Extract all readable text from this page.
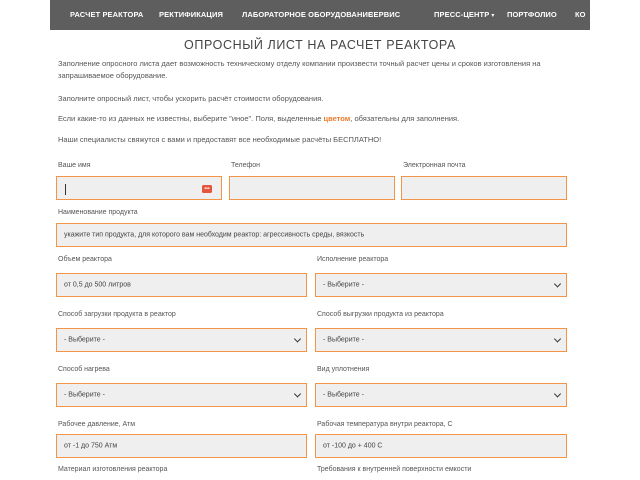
РАСЧЕТ РЕАКТОРА РЕКТИФИКАЦИЯ	ЛАБОРАТОРНОЕ ОБОРУДОВАНИЕ
СЕРВИС	ПРЕСС-ЦЕНТР ▾ ПОРТФОЛИО КО
ОПРОСНЫЙ ЛИСТ НА РАСЧЕТ РЕАКТОРА

Заполнение опросного листа дает возможность техническому отделу компании произвести точный расчет цены и сроков изготовления на запрашиваемое оборудование.

Заполните опросный лист, чтобы ускорить расчёт стоимости оборудования.

Если какие-то из данных не известны, выберите "иное". Поля, выделенные цветом, обязательны для заполнения.

Наши специалисты свяжутся с вами и предоставят все необходимые расчёты БЕСПЛАТНО!

Ваше имя	Телефон	Электронная почта
•••
Наименование продукта
укажите тип продукта, для которого вам необходим реактор: агрессивность среды, вязкость
Объем реактора	Исполнение реактора
от 0,5 до 500 литров	- Выберите -
Способ загрузки продукта в реактор	Способ выгрузки продукта из реактора
- Выберите -	- Выберите -
Способ нагрева	Вид уплотнения
- Выберите -	- Выберите -
Рабочее давление, Атм	Рабочая температура внутри реактора, С
от -1 до 750 Атм	от -100 до + 400 С
Материал изготовления реактора	Требования к внутренней поверхности емкости
